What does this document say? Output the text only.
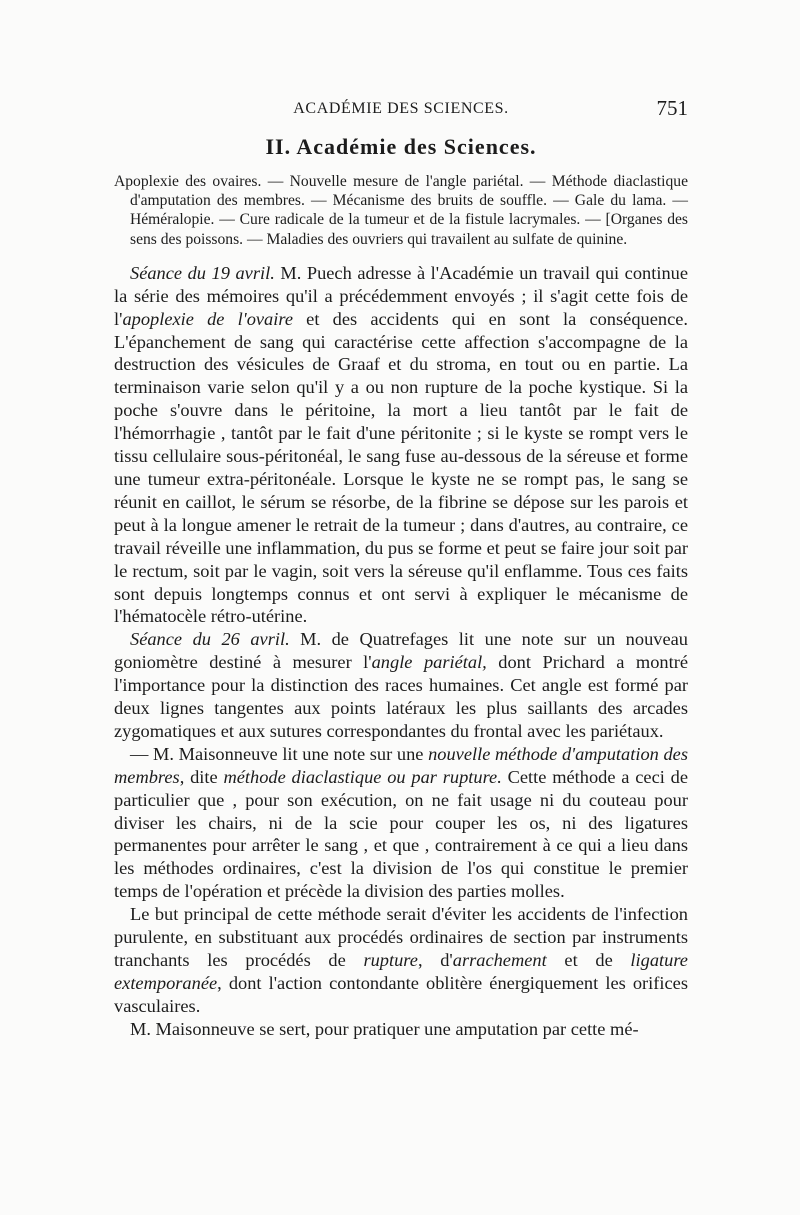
ACADÉMIE DES SCIENCES.	751
II. Académie des Sciences.

Apoplexie des ovaires. — Nouvelle mesure de l'angle pariétal. — Méthode diaclastique d'amputation des membres. — Mécanisme des bruits de souffle. — Gale du lama. — Héméralopie. — Cure radicale de la tumeur et de la fistule lacrymales. — [Organes des sens des poissons. — Maladies des ouvriers qui travailent au sulfate de quinine.

Séance du 19 avril. M. Puech adresse à l'Académie un travail qui continue la série des mémoires qu'il a précédemment envoyés ; il s'agit cette fois de l'apoplexie de l'ovaire et des accidents qui en sont la conséquence. L'épanchement de sang qui caractérise cette affection s'accompagne de la destruction des vésicules de Graaf et du stroma, en tout ou en partie. La terminaison varie selon qu'il y a ou non rupture de la poche kystique. Si la poche s'ouvre dans le péritoine, la mort a lieu tantôt par le fait de l'hémorrhagie , tantôt par le fait d'une péritonite ; si le kyste se rompt vers le tissu cellulaire sous-péritonéal, le sang fuse au-dessous de la séreuse et forme une tumeur extra-péritonéale. Lorsque le kyste ne se rompt pas, le sang se réunit en caillot, le sérum se résorbe, de la fibrine se dépose sur les parois et peut à la longue amener le retrait de la tumeur ; dans d'autres, au contraire, ce travail réveille une inflammation, du pus se forme et peut se faire jour soit par le rectum, soit par le vagin, soit vers la séreuse qu'il enflamme. Tous ces faits sont depuis longtemps connus et ont servi à expliquer le mécanisme de l'hématocèle rétro-utérine.

Séance du 26 avril. M. de Quatrefages lit une note sur un nouveau goniomètre destiné à mesurer l'angle pariétal, dont Prichard a montré l'importance pour la distinction des races humaines. Cet angle est formé par deux lignes tangentes aux points latéraux les plus saillants des arcades zygomatiques et aux sutures correspondantes du frontal avec les pariétaux.

— M. Maisonneuve lit une note sur une nouvelle méthode d'amputation des membres, dite méthode diaclastique ou par rupture. Cette méthode a ceci de particulier que , pour son exécution, on ne fait usage ni du couteau pour diviser les chairs, ni de la scie pour couper les os, ni des ligatures permanentes pour arrêter le sang , et que , contrairement à ce qui a lieu dans les méthodes ordinaires, c'est la division de l'os qui constitue le premier temps de l'opération et précède la division des parties molles.

Le but principal de cette méthode serait d'éviter les accidents de l'infection purulente, en substituant aux procédés ordinaires de section par instruments tranchants les procédés de rupture, d'arrachement et de ligature extemporanée, dont l'action contondante oblitère énergiquement les orifices vasculaires.

M. Maisonneuve se sert, pour pratiquer une amputation par cette mé-
